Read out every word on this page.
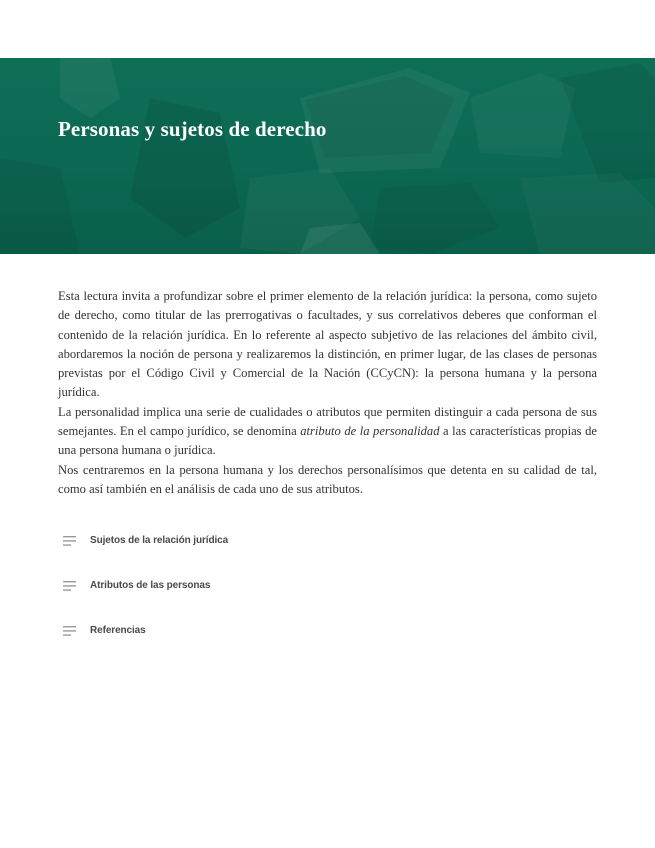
Personas y sujetos de derecho

Esta lectura invita a profundizar sobre el primer elemento de la relación jurídica: la persona, como sujeto de derecho, como titular de las prerrogativas o facultades, y sus correlativos deberes que conforman el contenido de la relación jurídica. En lo referente al aspecto subjetivo de las relaciones del ámbito civil, abordaremos la noción de persona y realizaremos la distinción, en primer lugar, de las clases de personas previstas por el Código Civil y Comercial de la Nación (CCyCN): la persona humana y la persona jurídica.

La personalidad implica una serie de cualidades o atributos que permiten distinguir a cada persona de sus semejantes. En el campo jurídico, se denomina atributo de la personalidad a las características propias de una persona humana o jurídica.

Nos centraremos en la persona humana y los derechos personalísimos que detenta en su calidad de tal, como así también en el análisis de cada uno de sus atributos.

Sujetos de la relación jurídica
Atributos de las personas
Referencias
